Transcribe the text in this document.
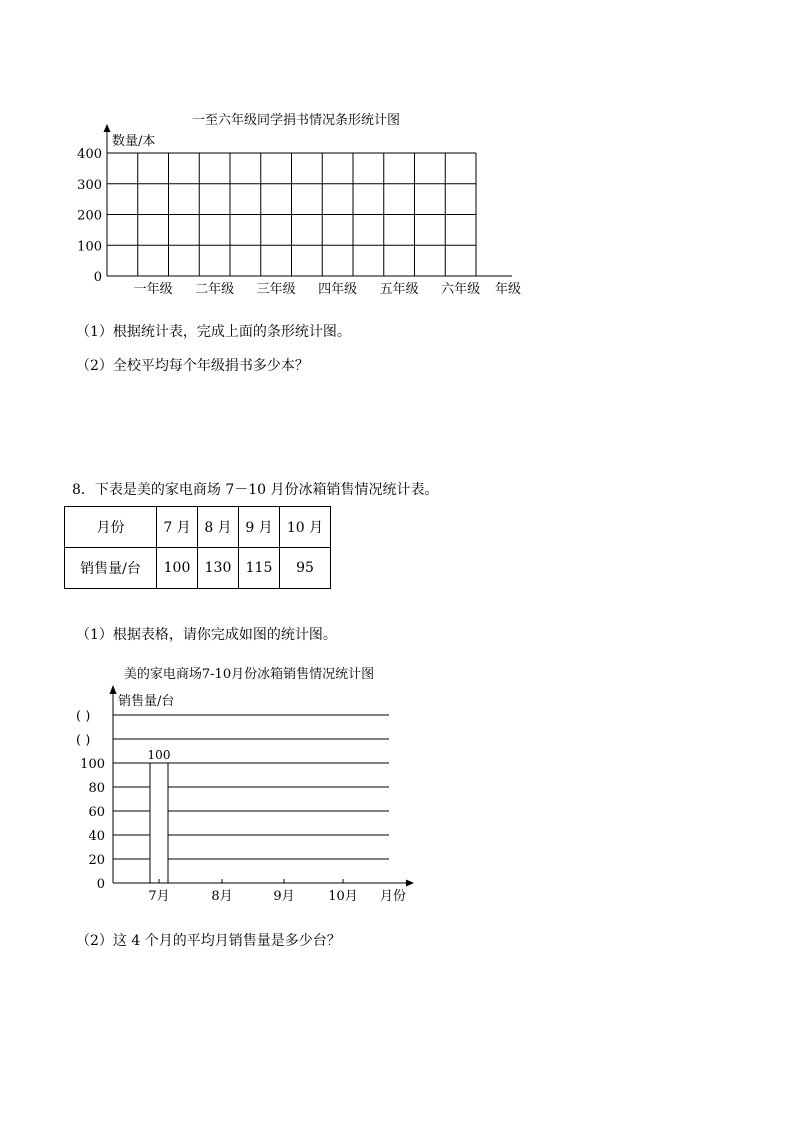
一至六年级同学捐书情况条形统计图
数量/本
0
100
200
300
400
一年级 二年级 三年级 四年级 五年级 六年级 年级
（1）根据统计表，完成上面的条形统计图。
（2）全校平均每个年级捐书多少本？
8．下表是美的家电商场 7－10 月份冰箱销售情况统计表。
月份	7 月	8 月	9 月	10 月
销售量/台	100	130	115	95
（1）根据表格，请你完成如图的统计图。
美的家电商场7-10月份冰箱销售情况统计图
销售量/台
0
20
40
60
80
100
( )
( )
100
7月	8月	9月	10月 月份
（2）这 4 个月的平均月销售量是多少台？
